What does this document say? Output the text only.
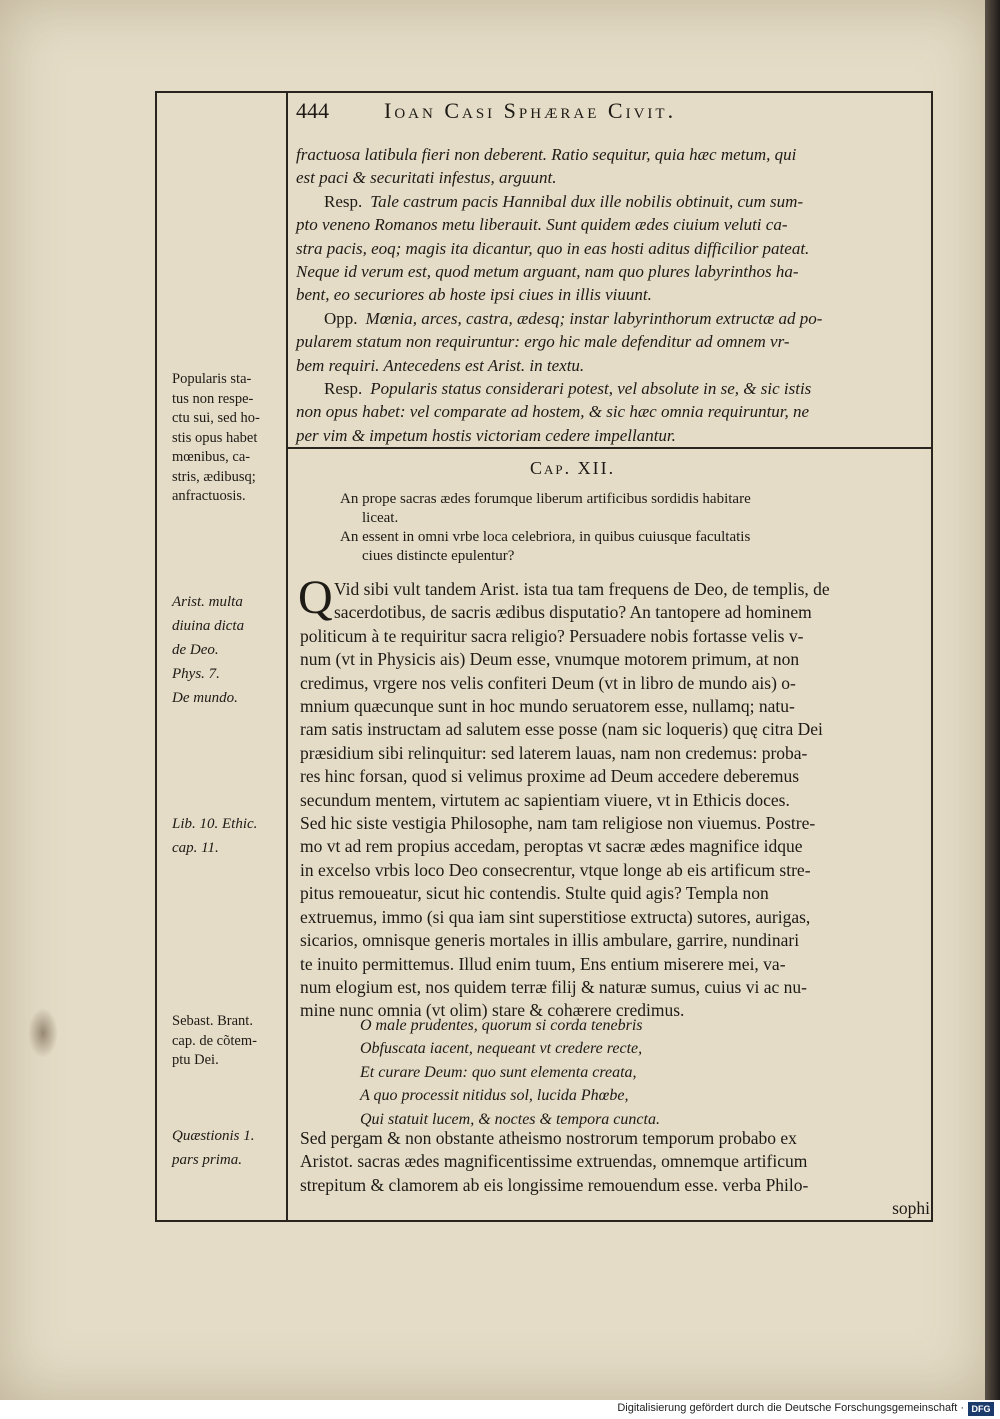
444	Ioan Casi Sphærae Civit.
fractuosa latibula fieri non deberent. Ratio sequitur, quia hæc metum, qui
est paci & securitati infestus, arguunt.
Resp. Tale castrum pacis Hannibal dux ille nobilis obtinuit, cum sum-
pto veneno Romanos metu liberauit. Sunt quidem ædes ciuium veluti ca-
stra pacis, eoq; magis ita dicantur, quo in eas hosti aditus difficilior pateat.
Neque id verum est, quod metum arguant, nam quo plures labyrinthos ha-
bent, eo securiores ab hoste ipsi ciues in illis viuunt.
Opp. Mœnia, arces, castra, ædesq; instar labyrinthorum extructæ ad po-
pularem statum non requiruntur: ergo hic male defenditur ad omnem vr-
bem requiri. Antecedens est Arist. in textu.
Resp. Popularis status considerari potest, vel absolute in se, & sic istis
non opus habet: vel comparate ad hostem, & sic hæc omnia requiruntur, ne
per vim & impetum hostis victoriam cedere impellantur.
Popularis sta-
tus non respe-
ctu sui, sed ho-
stis opus habet
mœnibus, ca-
stris, ædibusq;
anfractuosis.
Cap. XII.
An prope sacras ædes forumque liberum artificibus sordidis habitare
liceat.
An essent in omni vrbe loca celebriora, in quibus cuiusque facultatis
ciues distincte epulentur?
Arist. multa
diuina dicta
de Deo.
Phys. 7.
De mundo.
Q Vid sibi vult tandem Arist. ista tua tam frequens de Deo, de templis, de
sacerdotibus, de sacris ædibus disputatio? An tantopere ad hominem
politicum à te requiritur sacra religio? Persuadere nobis fortasse velis v-
num (vt in Physicis ais) Deum esse, vnumque motorem primum, at non
credimus, vrgere nos velis confiteri Deum (vt in libro de mundo ais) o-
mnium quæcunque sunt in hoc mundo seruatorem esse, nullamq; natu-
ram satis instructam ad salutem esse posse (nam sic loqueris) quę citra Dei
præsidium sibi relinquitur: sed laterem lauas, nam non credemus: proba-
res hinc forsan, quod si velimus proxime ad Deum accedere deberemus
secundum mentem, virtutem ac sapientiam viuere, vt in Ethicis doces.
Sed hic siste vestigia Philosophe, nam tam religiose non viuemus. Postre-
mo vt ad rem propius accedam, peroptas vt sacræ ædes magnifice idque
in excelso vrbis loco Deo consecrentur, vtque longe ab eis artificum stre-
pitus remoueatur, sicut hic contendis. Stulte quid agis? Templa non
extruemus, immo (si qua iam sint superstitiose extructa) sutores, aurigas,
sicarios, omnisque generis mortales in illis ambulare, garrire, nundinari
te inuito permittemus. Illud enim tuum, Ens entium miserere mei, va-
num elogium est, nos quidem terræ filij & naturæ sumus, cuius vi ac nu-
mine nunc omnia (vt olim) stare & cohærere credimus.
Lib. 10. Ethic.
cap. 11.
Sebast. Brant.
cap. de cõtem-
ptu Dei.
O male prudentes, quorum si corda tenebris
Obfuscata iacent, nequeant vt credere recte,
Et curare Deum: quo sunt elementa creata,
A quo processit nitidus sol, lucida Phœbe,
Qui statuit lucem, & noctes & tempora cuncta.
Quæstionis 1.
pars prima.
Sed pergam & non obstante atheismo nostrorum temporum probabo ex
Aristot. sacras ædes magnificentissime extruendas, omnemque artificum
strepitum & clamorem ab eis longissime remouendum esse. verba Philo-
sophi
Digitalisierung gefördert durch die Deutsche Forschungsgemeinschaft · DFG
